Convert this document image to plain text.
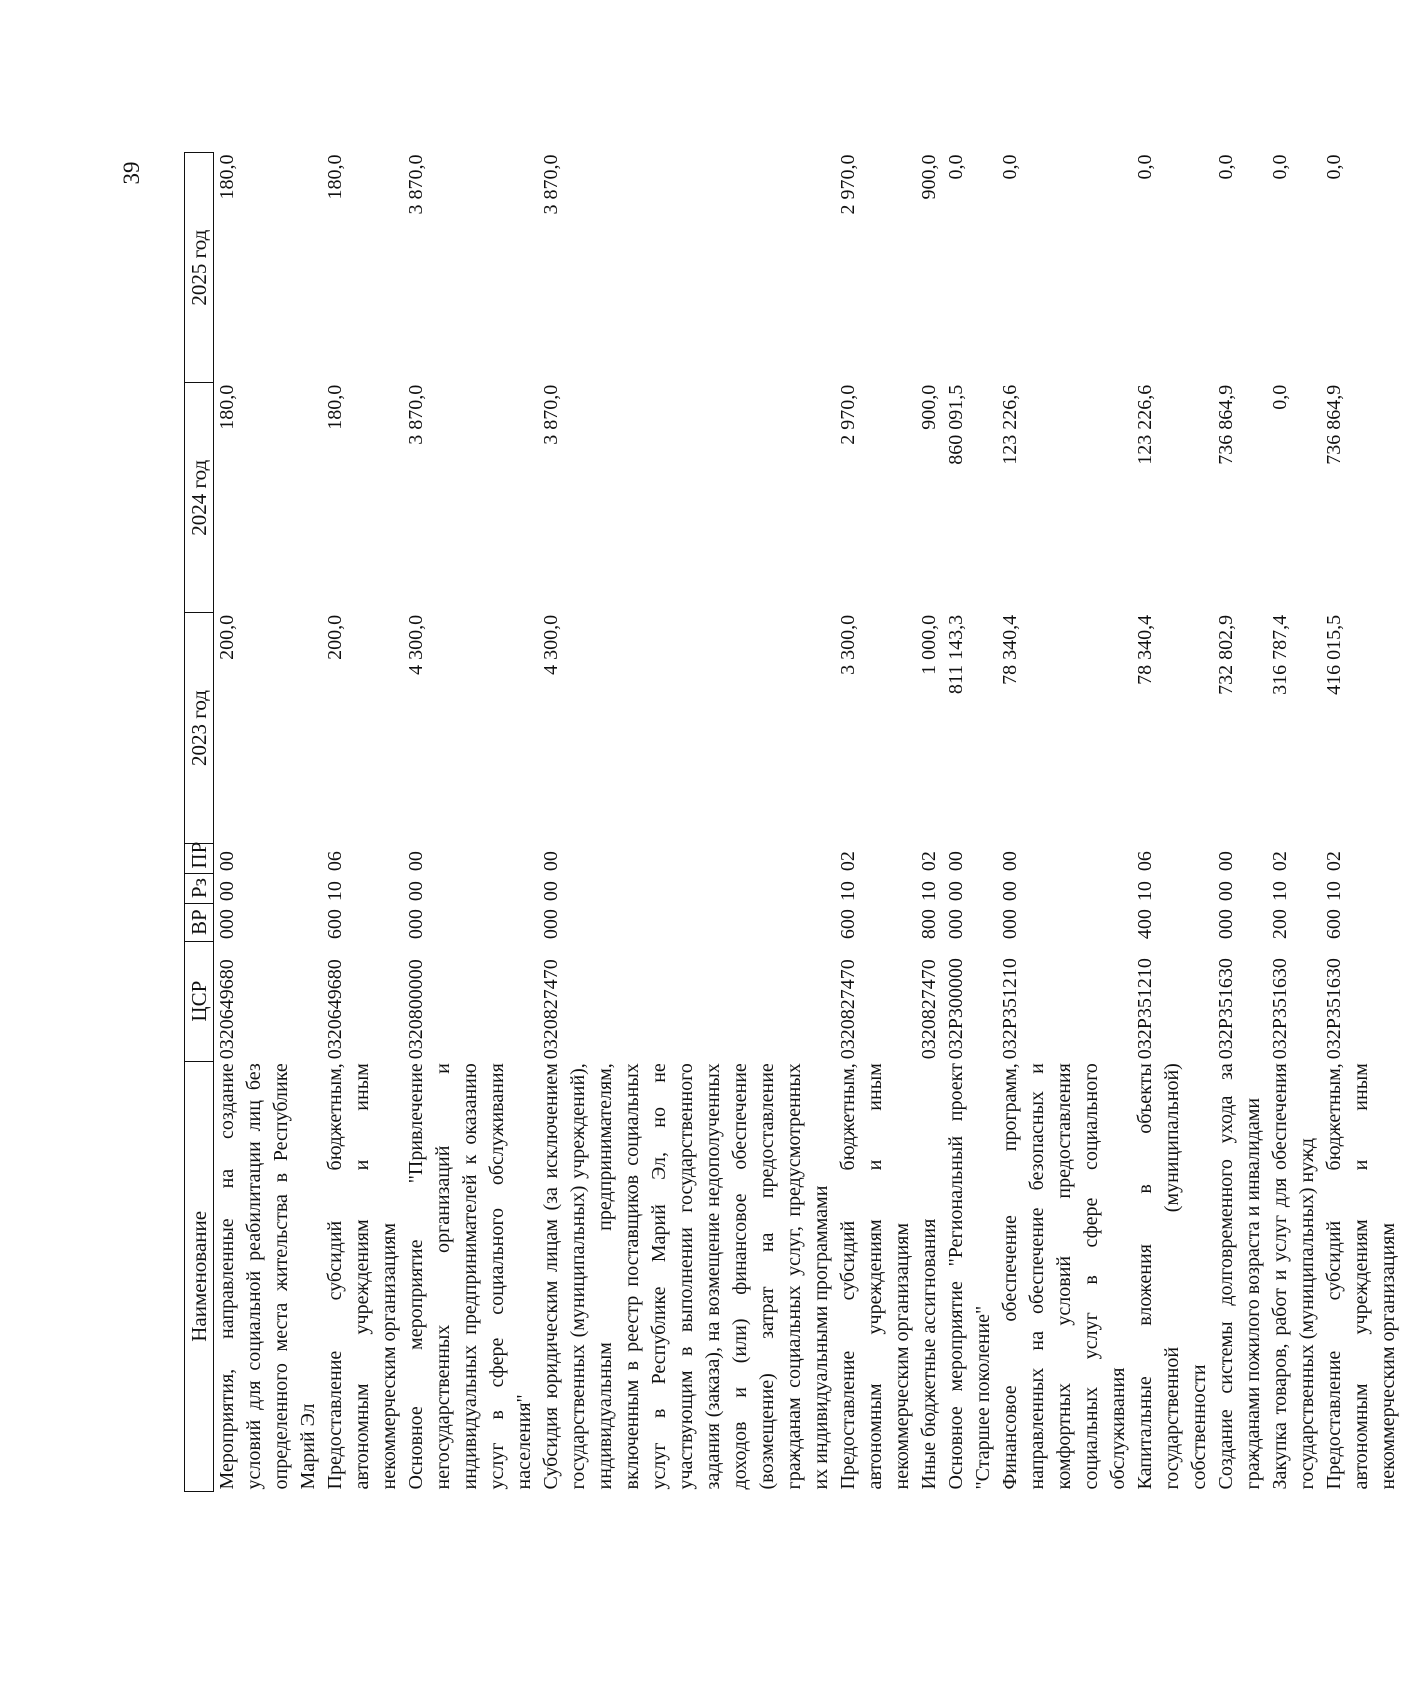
39
Наименование	ЦСР	ВР	Рз	ПР	2023 год	2024 год	2025 год
Мероприятия, направленные на создание условий для социальной реабилитации лиц без определенного места жительства в Республике Марий Эл	0320649680	000	00	00	200,0	180,0	180,0
Предоставление субсидий бюджетным, автономным учреждениям и иным некоммерческим организациям	0320649680	600	10	06	200,0	180,0	180,0
Основное мероприятие "Привлечение негосударственных организаций и индивидуальных предпринимателей к оказанию услуг в сфере социального обслуживания населения"	0320800000	000	00	00	4 300,0	3 870,0	3 870,0
Субсидия юридическим лицам (за исключением государственных (муниципальных) учреждений), индивидуальным предпринимателям, включенным в реестр поставщиков социальных услуг в Республике Марий Эл, но не участвующим в выполнении государственного задания (заказа), на возмещение недополученных доходов и (или) финансовое обеспечение (возмещение) затрат на предоставление гражданам социальных услуг, предусмотренных их индивидуальными программами	0320827470	000	00	00	4 300,0	3 870,0	3 870,0
Предоставление субсидий бюджетным, автономным учреждениям и иным некоммерческим организациям	0320827470	600	10	02	3 300,0	2 970,0	2 970,0
Иные бюджетные ассигнования	0320827470	800	10	02	1 000,0	900,0	900,0
Основное мероприятие "Региональный проект "Старшее поколение"	032P300000	000	00	00	811 143,3	860 091,5	0,0
Финансовое обеспечение программ, направленных на обеспечение безопасных и комфортных условий предоставления социальных услуг в сфере социального обслуживания	032P351210	000	00	00	78 340,4	123 226,6	0,0
Капитальные вложения в объекты государственной (муниципальной) собственности	032P351210	400	10	06	78 340,4	123 226,6	0,0
Создание системы долговременного ухода за гражданами пожилого возраста и инвалидами	032P351630	000	00	00	732 802,9	736 864,9	0,0
Закупка товаров, работ и услуг для обеспечения государственных (муниципальных) нужд	032P351630	200	10	02	316 787,4	0,0	0,0
Предоставление субсидий бюджетным, автономным учреждениям и иным некоммерческим организациям	032P351630	600	10	02	416 015,5	736 864,9	0,0
